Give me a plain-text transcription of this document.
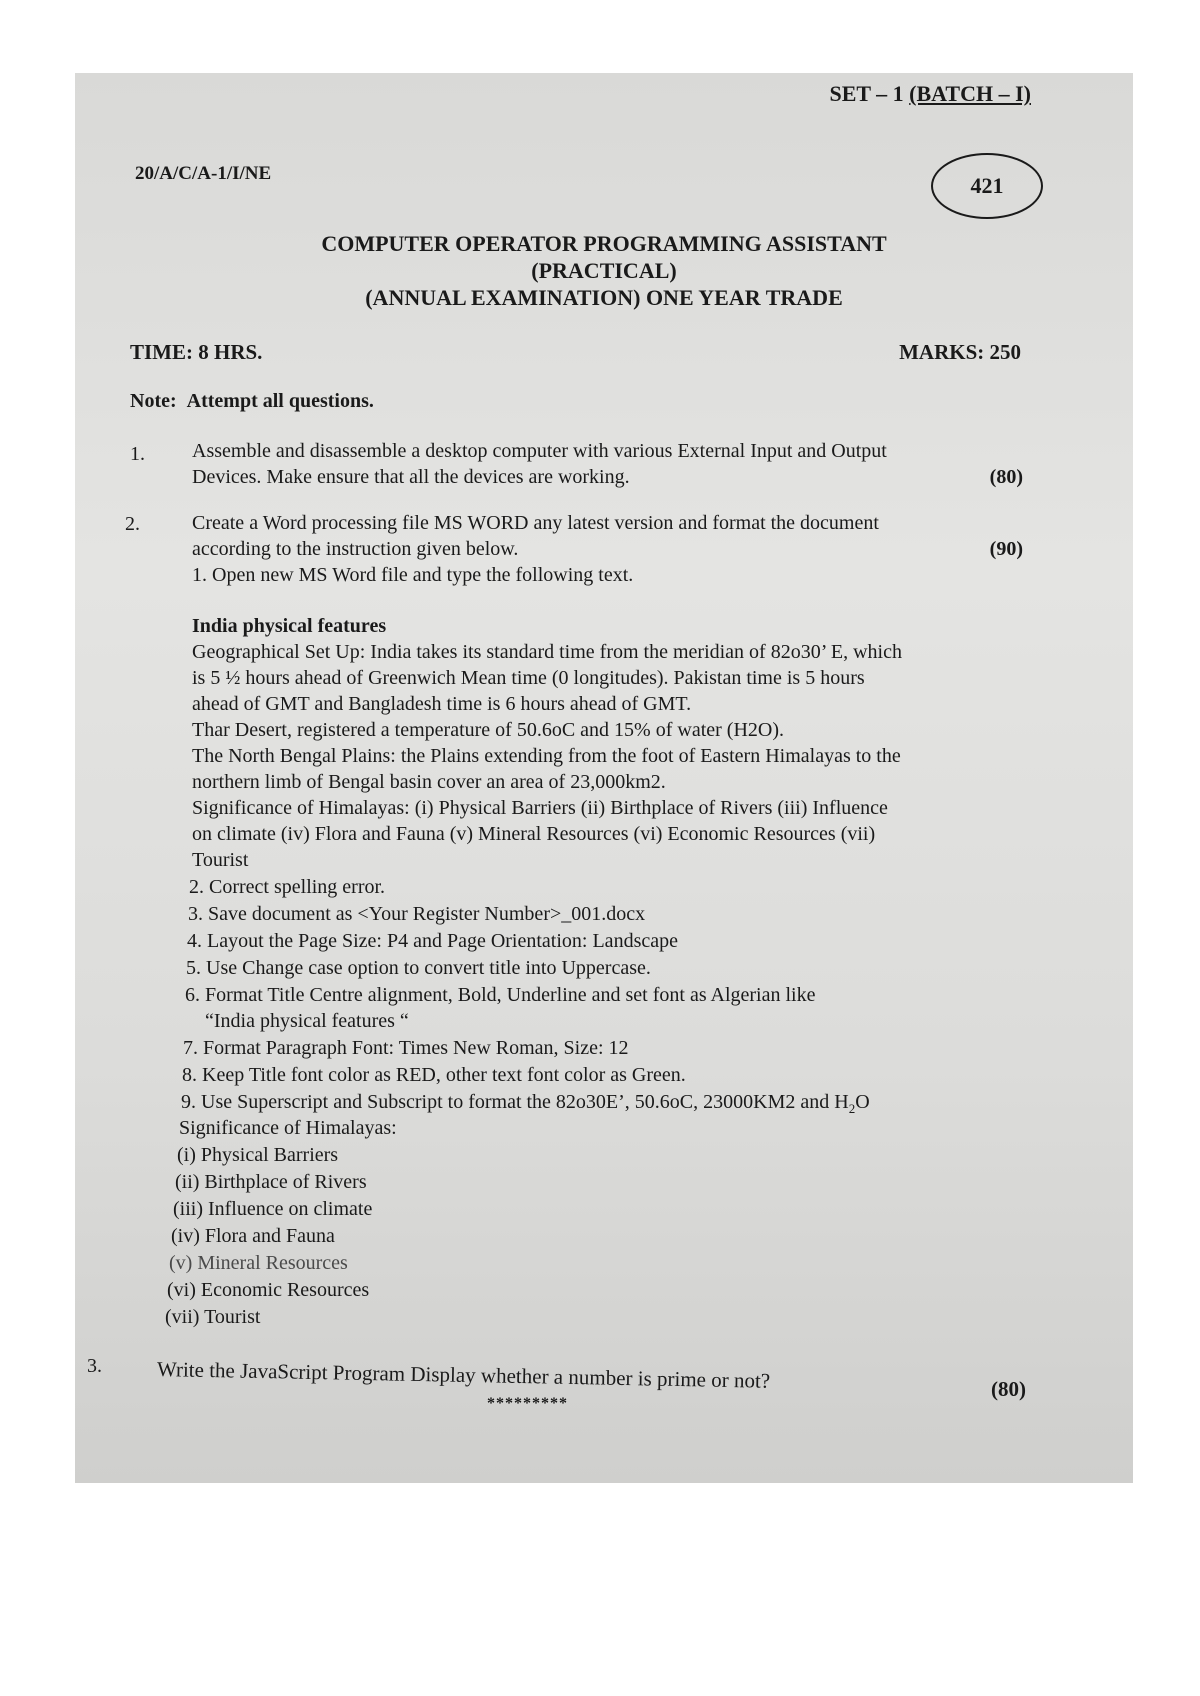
SET – 1 (BATCH – I)
20/A/C/A-1/I/NE	421
COMPUTER OPERATOR PROGRAMMING ASSISTANT
(PRACTICAL)
(ANNUAL EXAMINATION) ONE YEAR TRADE
TIME: 8 HRS.	MARKS: 250
Note: Attempt all questions.
1. Assemble and disassemble a desktop computer with various External Input and Output
Devices. Make ensure that all the devices are working.	(80)
2.	Create a Word processing file MS WORD any latest version and format the document
according to the instruction given below.	(90)
1. Open new MS Word file and type the following text.
India physical features
Geographical Set Up: India takes its standard time from the meridian of 82o30’ E, which
is 5 ½ hours ahead of Greenwich Mean time (0 longitudes). Pakistan time is 5 hours
ahead of GMT and Bangladesh time is 6 hours ahead of GMT.
Thar Desert, registered a temperature of 50.6oC and 15% of water (H2O).
The North Bengal Plains: the Plains extending from the foot of Eastern Himalayas to the
northern limb of Bengal basin cover an area of 23,000km2.
Significance of Himalayas: (i) Physical Barriers (ii) Birthplace of Rivers (iii) Influence
on climate (iv) Flora and Fauna (v) Mineral Resources (vi) Economic Resources (vii)
Tourist
2. Correct spelling error.
3. Save document as <Your Register Number>_001.docx
4. Layout the Page Size: P4 and Page Orientation: Landscape
5. Use Change case option to convert title into Uppercase.
6. Format Title Centre alignment, Bold, Underline and set font as Algerian like
“India physical features “
7. Format Paragraph Font: Times New Roman, Size: 12
8. Keep Title font color as RED, other text font color as Green.
9. Use Superscript and Subscript to format the 82o30E’, 50.6oC, 23000KM2 and $H_2O$
Significance of Himalayas:
(i) Physical Barriers
(ii) Birthplace of Rivers
(iii) Influence on climate
(iv) Flora and Fauna
(v) Mineral Resources
(vi) Economic Resources
(vii) Tourist
3.	Write the JavaScript Program Display whether a number is prime or not?	(80)
*********
